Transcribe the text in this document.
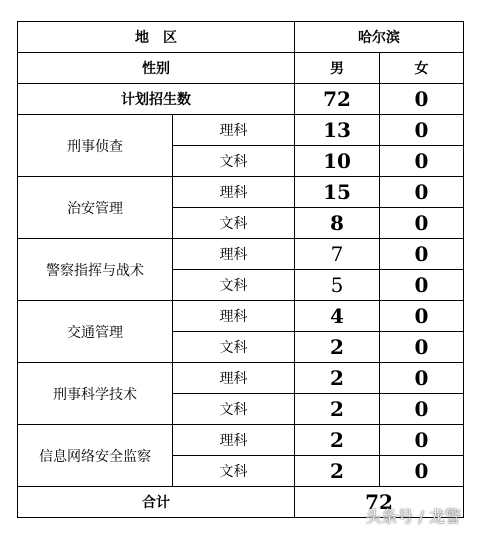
地　区		哈尔滨	
性别		男	女
计划招生数		72	0
刑事侦查	理科	13	0
	文科	10	0
治安管理	理科	15	0
	文科	8	0
警察指挥与战术	理科	7	0
	文科	5	0
交通管理	理科	4	0
	文科	2	0
刑事科学技术	理科	2	0
	文科	2	0
信息网络安全监察	理科	2	0
	文科	2	0
合计		72	
头条号 / 龙警
